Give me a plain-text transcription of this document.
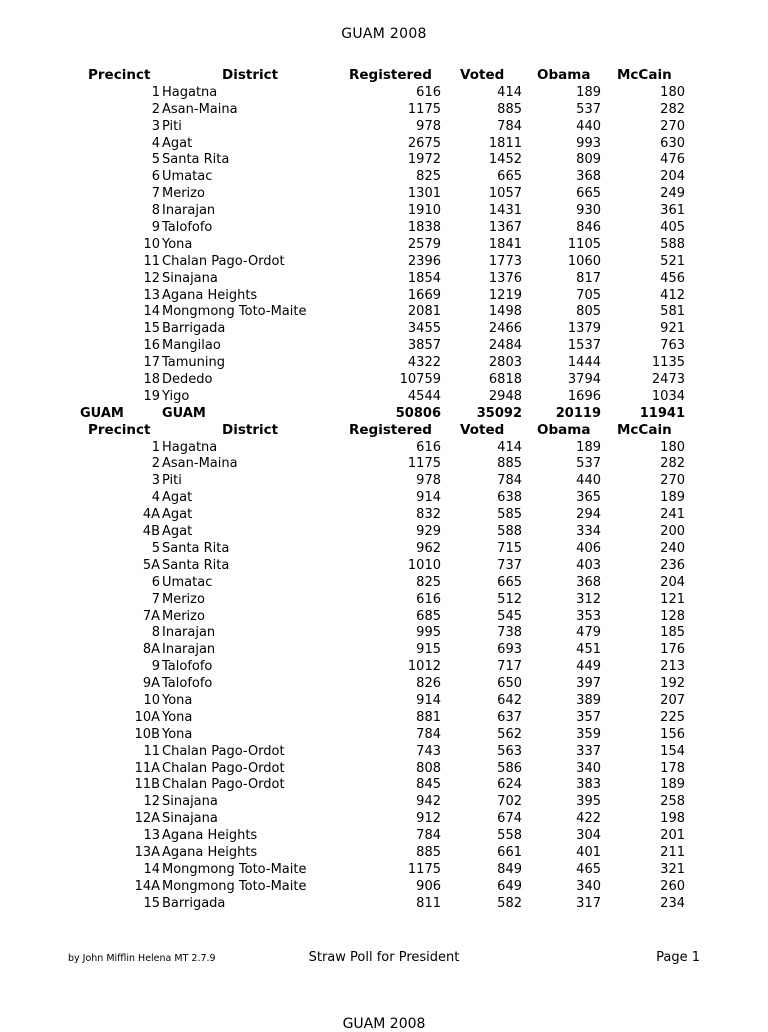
GUAM 2008
Precinct	District	Registered Voted Obama McCain
1 Hagatna	616	414	189	180
2 Asan-Maina	1175	885	537	282
3 Piti	978	784	440	270
4 Agat	2675	1811	993	630
5 Santa Rita	1972	1452	809	476
6 Umatac	825	665	368	204
7 Merizo	1301	1057	665	249
8 Inarajan	1910	1431	930	361
9 Talofofo	1838	1367	846	405
10 Yona	2579	1841	1105	588
11 Chalan Pago-Ordot	2396	1773	1060	521
12 Sinajana	1854	1376	817	456
13 Agana Heights	1669	1219	705	412
14 Mongmong Toto-Maite	2081	1498	805	581
15 Barrigada	3455	2466	1379	921
16 Mangilao	3857	2484	1537	763
17 Tamuning	4322	2803	1444	1135
18 Dededo	10759	6818	3794	2473
19 Yigo	4544	2948	1696	1034
GUAM	GUAM	50806	35092	20119	11941
Precinct	District	Registered Voted Obama McCain
1 Hagatna	616	414	189	180
2 Asan-Maina	1175	885	537	282
3 Piti	978	784	440	270
4 Agat	914	638	365	189
4A Agat	832	585	294	241
4B Agat	929	588	334	200
5 Santa Rita	962	715	406	240
5A Santa Rita	1010	737	403	236
6 Umatac	825	665	368	204
7 Merizo	616	512	312	121
7A Merizo	685	545	353	128
8 Inarajan	995	738	479	185
8A Inarajan	915	693	451	176
9 Talofofo	1012	717	449	213
9A Talofofo	826	650	397	192
10 Yona	914	642	389	207
10A Yona	881	637	357	225
10B Yona	784	562	359	156
11 Chalan Pago-Ordot	743	563	337	154
11A Chalan Pago-Ordot	808	586	340	178
11B Chalan Pago-Ordot	845	624	383	189
12 Sinajana	942	702	395	258
12A Sinajana	912	674	422	198
13 Agana Heights	784	558	304	201
13A Agana Heights	885	661	401	211
14 Mongmong Toto-Maite	1175	849	465	321
14A Mongmong Toto-Maite	906	649	340	260
15 Barrigada	811	582	317	234
by John Mifflin Helena MT 2.7.9	Straw Poll for President	Page 1
GUAM 2008
